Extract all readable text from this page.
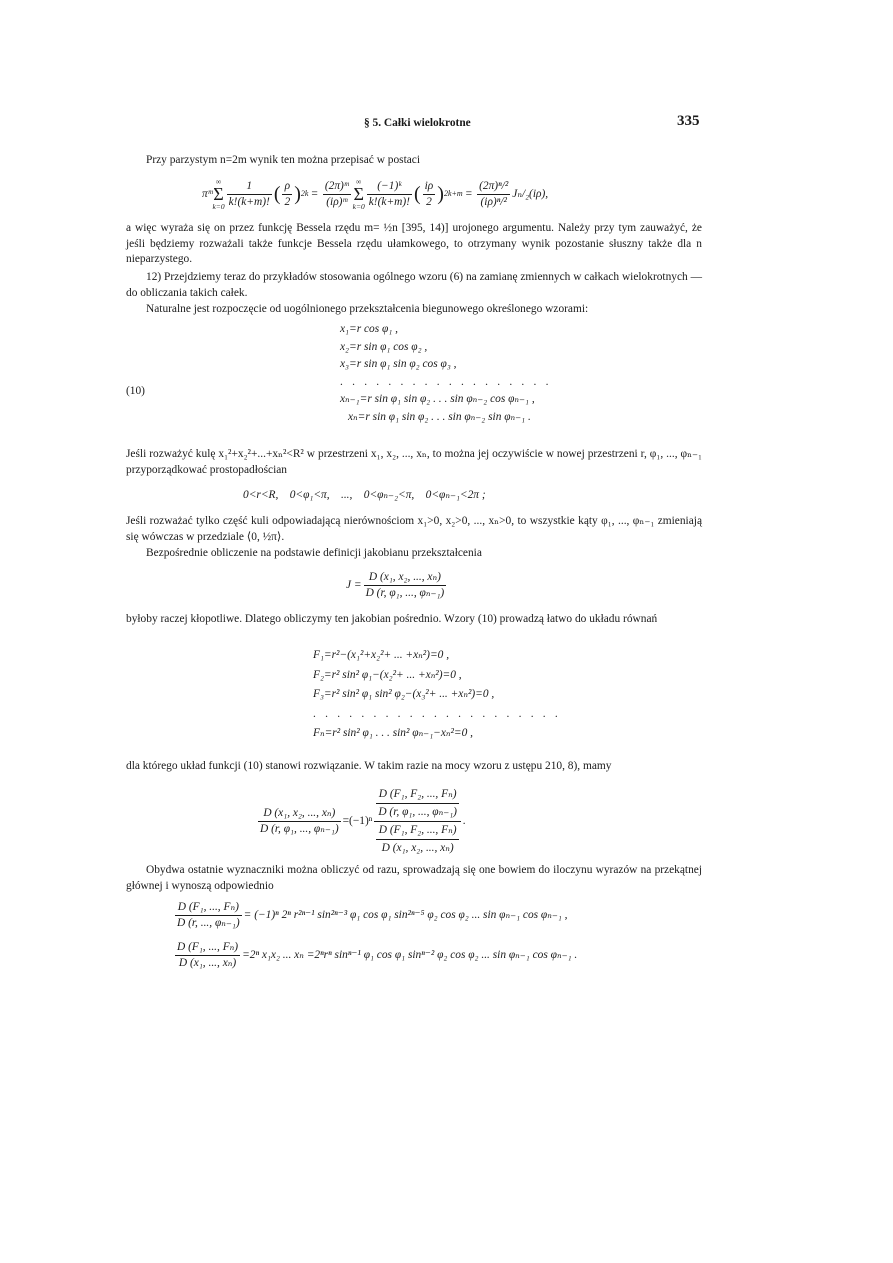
§ 5. Całki wielokrotne	335
Przy parzystym n=2m wynik ten można przepisać w postaci
πᵐ
∞
Σ
$k=0 \frac{1}{k!(k+m)!}$ ( $\frac{\rho}{2}$ ) $2k = \frac{\text{(2π)ᵐ}}{\text{(iρ)ᵐ}}$ ∞
Σ
$k=0 \frac{\text{(−1)ᵏ}}{k!(k+m)!}$ ( $\frac{i\rho}{2}$ ) $2k+m = \frac{\text{(2π)ⁿ/²}}{\text{(iρ)ⁿ/²}} J_n/_2(i\rho)$,
a więc wyraża się on przez funkcję Bessela rzędu m= ½n [395, 14)] urojonego argumentu. Należy przy tym zauważyć, że jeśli będziemy rozważali także funkcje Bessela rzędu ułamkowego, to otrzymany wynik pozostanie słuszny także dla n nieparzystego.
12) Przejdziemy teraz do przykładów stosowania ogólnego wzoru (6) na zamianę zmiennych w całkach wielokrotnych — do obliczania takich całek.
Naturalne jest rozpoczęcie od uogólnionego przekształcenia biegunowego określonego wzorami:
x₁=r cos φ₁ ,
x₂=r sin φ₁ cos φ₂ ,
x₃=r sin φ₁ sin φ₂ cos φ₃ ,
. . . . . . . . . . . . . . . . . .
xₙ₋₁=r sin φ₁ sin φ₂ . . . sin φₙ₋₂ cos φₙ₋₁ ,
xₙ=r sin φ₁ sin φ₂ . . . sin φₙ₋₂ sin φₙ₋₁ .
(10)
Jeśli rozważyć kulę x₁²+x₂²+...+xₙ²<R² w przestrzeni x₁, x₂, ..., xₙ, to można jej oczywiście w nowej przestrzeni r, φ₁, ..., φₙ₋₁ przyporządkować prostopadłościan
0<r<R,    0<φ₁<π,    ...,    0<φₙ₋₂<π,    0<φₙ₋₁<2π ;
Jeśli rozważać tylko część kuli odpowiadającą nierównościom x₁>0, x₂>0, ..., xₙ>0, to wszystkie kąty φ₁, ..., φₙ₋₁ zmieniają się wówczas w przedziale ⟨0, ½π⟩.
Bezpośrednie obliczenie na podstawie definicji jakobianu przekształcenia
$J = \frac{\text{D (x₁, x₂, ..., xₙ)}}{\text{D (r, φ₁, ..., φₙ₋₁)}}$
byłoby raczej kłopotliwe. Dlatego obliczymy ten jakobian pośrednio. Wzory (10) prowadzą łatwo do układu równań
F₁=r²−(x₁²+x₂²+ ... +xₙ²)=0 ,
F₂=r² sin² φ₁−(x₂²+ ... +xₙ²)=0 ,
F₃=r² sin² φ₁ sin² φ₂−(x₃²+ ... +xₙ²)=0 ,
. . . . . . . . . . . . . . . . . . . . .
Fₙ=r² sin² φ₁ . . . sin² φₙ₋₁−xₙ²=0 ,
dla którego układ funkcji (10) stanowi rozwiązanie. W takim razie na mocy wzoru z ustępu 210, 8), mamy
$\frac{\text{D (x₁, x₂, ..., xₙ)}}{\text{D (r, φ₁, ..., φₙ₋₁)}} =(-1)^n$ D (F₁, F₂, ..., Fₙ)
D (r, φ₁, ..., φₙ₋₁)
D (F₁, F₂, ..., Fₙ)
D (x₁, x₂, ..., xₙ) .
Obydwa ostatnie wyznaczniki można obliczyć od razu, sprowadzają się one bowiem do iloczynu wyrazów na przekątnej głównej i wynoszą odpowiednio
$\frac{\text{D (F₁, ..., Fₙ)}}{\text{D (r, ..., φₙ₋₁)}} = (-1)^n$ 2ⁿ r²ⁿ⁻¹ sin²ⁿ⁻³ φ₁ cos φ₁ sin²ⁿ⁻⁵ φ₂ cos φ₂ ... sin φₙ₋₁ cos φₙ₋₁ ,
$\frac{\text{D (F₁, ..., Fₙ)}}{\text{D (x₁, ..., xₙ)}} =2^n$ x₁x₂ ... xₙ =2ⁿrⁿ sinⁿ⁻¹ φ₁ cos φ₁ sinⁿ⁻² φ₂ cos φ₂ ... sin φₙ₋₁ cos φₙ₋₁ .
